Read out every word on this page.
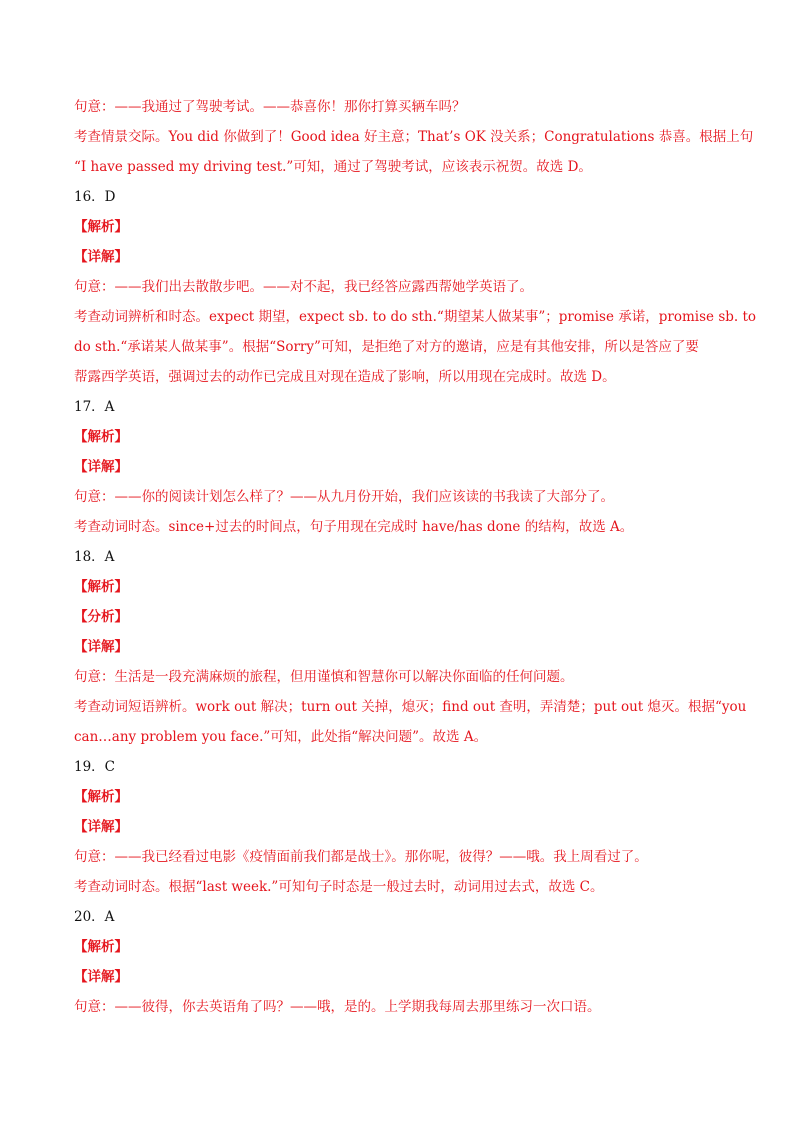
句意：——我通过了驾驶考试。——恭喜你！那你打算买辆车吗？
考查情景交际。You did 你做到了！Good idea 好主意；That’s OK 没关系；Congratulations 恭喜。根据上句
“I have passed my driving test.”可知，通过了驾驶考试，应该表示祝贺。故选 D。
16．D
【解析】
【详解】
句意：——我们出去散散步吧。——对不起，我已经答应露西帮她学英语了。
考查动词辨析和时态。expect 期望，expect sb. to do sth.“期望某人做某事”；promise 承诺，promise sb. to
do sth.“承诺某人做某事”。根据“Sorry”可知，是拒绝了对方的邀请，应是有其他安排，所以是答应了要
帮露西学英语，强调过去的动作已完成且对现在造成了影响，所以用现在完成时。故选 D。
17．A
【解析】
【详解】
句意：——你的阅读计划怎么样了？——从九月份开始，我们应该读的书我读了大部分了。
考查动词时态。since+过去的时间点，句子用现在完成时 have/has done 的结构，故选 A。
18．A
【解析】
【分析】
【详解】
句意：生活是一段充满麻烦的旅程，但用谨慎和智慧你可以解决你面临的任何问题。
考查动词短语辨析。work out 解决；turn out 关掉，熄灭；find out 查明，弄清楚；put out 熄灭。根据“you
can…any problem you face.”可知，此处指“解决问题”。故选 A。
19．C
【解析】
【详解】
句意：——我已经看过电影《疫情面前我们都是战士》。那你呢，彼得？——哦。我上周看过了。
考查动词时态。根据“last week.”可知句子时态是一般过去时，动词用过去式，故选 C。
20．A
【解析】
【详解】
句意：——彼得，你去英语角了吗？——哦，是的。上学期我每周去那里练习一次口语。
